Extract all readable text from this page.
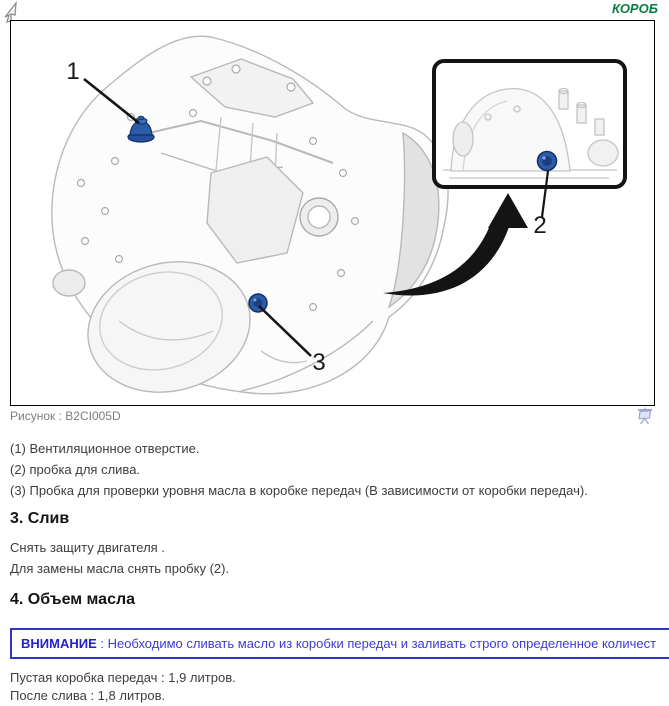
КОРОБ
1
2
3
Рисунок : B2CI005D
(1) Вентиляционное отверстие.
(2) пробка для слива.
(3) Пробка для проверки уровня масла в коробке передач (В зависимости от коробки передач).
3. Слив
Снять защиту двигателя .
Для замены масла снять пробку (2).
4. Объем масла
ВНИМАНИЕ : Необходимо сливать масло из коробки передач и заливать строго определенное количест
Пустая коробка передач : 1,9 литров.
После слива : 1,8 литров.
